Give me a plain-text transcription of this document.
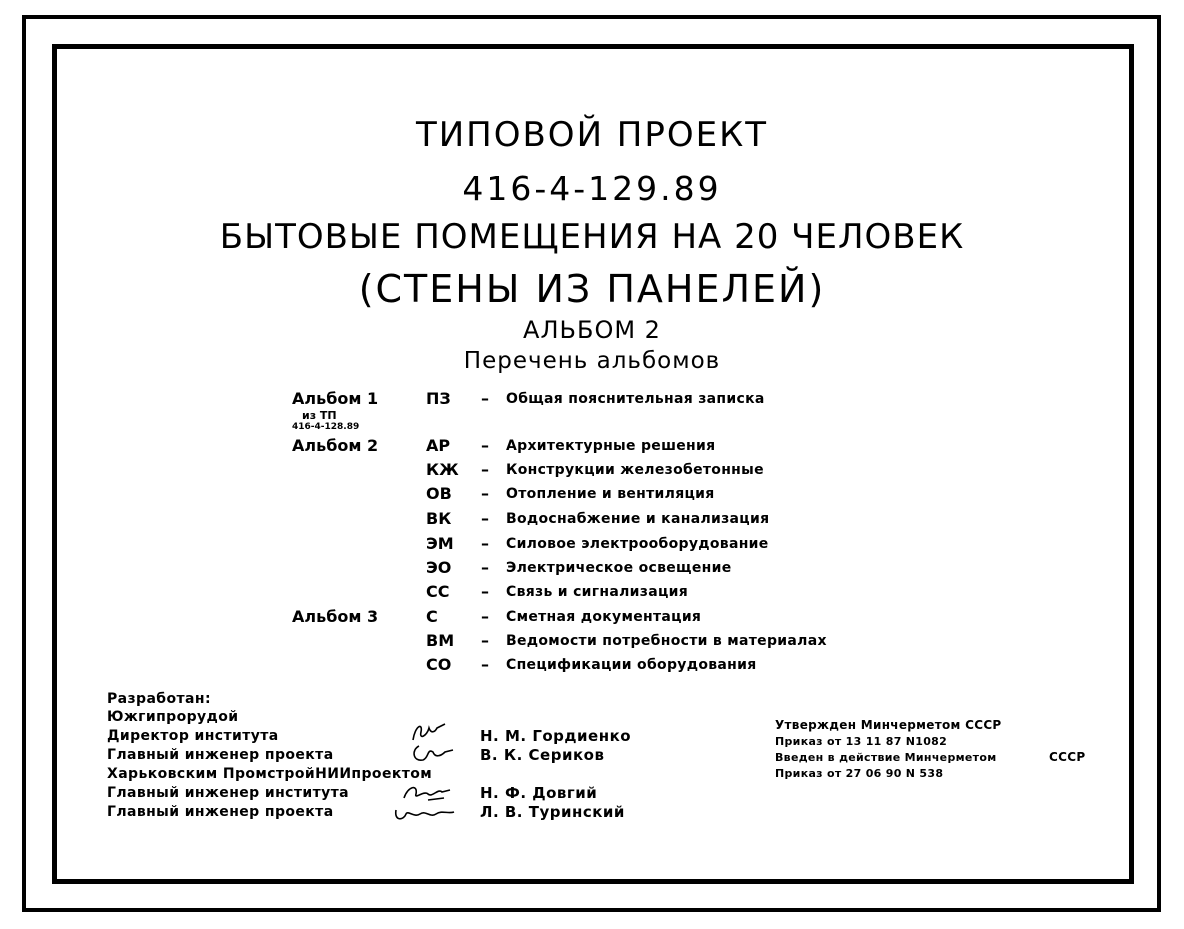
ТИПОВОЙ ПРОЕКТ
416-4-129.89
БЫТОВЫЕ ПОМЕЩЕНИЯ НА 20 ЧЕЛОВЕК
(СТЕНЫ ИЗ ПАНЕЛЕЙ)
АЛЬБОМ 2
Перечень альбомов
Альбом 1
из ТП
416-4-128.89
Альбом 2
Альбом 3
ПЗ – Общая пояснительная записка
АР – Архитектурные решения
КЖ – Конструкции железобетонные
ОВ – Отопление и вентиляция
ВК – Водоснабжение и канализация
ЭМ – Силовое электрооборудование
ЭО – Электрическое освещение
СС – Связь и сигнализация
С	– Сметная документация
ВМ – Ведомости потребности в материалах
СО – Спецификации оборудования
Разработан:
Южгипрорудой
Директор института
Главный инженер проекта
Харьковским ПромстройНИИпроектом
Главный инженер института
Главный инженер проекта
Н. М. Гордиенко
В. К. Сериков
Н. Ф. Довгий
Л. В. Туринский
Утвержден Минчерметом СССР
Приказ от 13 11 87 N1082
Введен в действие Минчерметом	СССР
Приказ от 27 06 90 N 538
